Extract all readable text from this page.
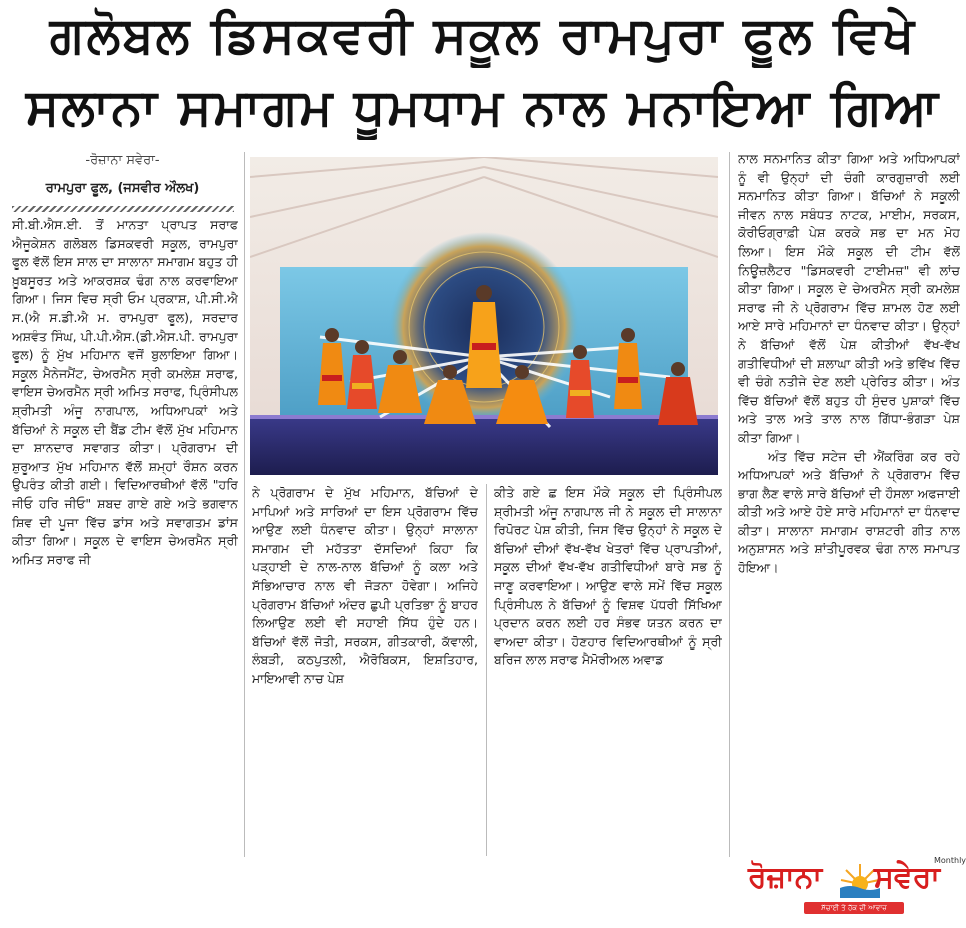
ਗਲੋਬਲ ਡਿਸਕਵਰੀ ਸਕੂਲ ਰਾਮਪੁਰਾ ਫੂਲ ਵਿਖੇ
ਸਲਾਨਾ ਸਮਾਗਮ ਧੂਮਧਾਮ ਨਾਲ ਮਨਾਇਆ ਗਿਆ
-ਰੋਜ਼ਾਨਾ ਸਵੇਰਾ-
ਰਾਮਪੁਰਾ ਫੂਲ, (ਜਸਵੀਰ ਔਲਖ)

ਸੀ.ਬੀ.ਐਸ.ਈ. ਤੋਂ ਮਾਨਤਾ ਪ੍ਰਾਪਤ ਸਰਾਫ ਐਜੂਕੇਸ਼ਨ ਗਲੋਬਲ ਡਿਸਕਵਰੀ ਸਕੂਲ, ਰਾਮਪੁਰਾ ਫੂਲ ਵੱਲੋਂ ਇਸ ਸਾਲ ਦਾ ਸਾਲਾਨਾ ਸਮਾਗਮ ਬਹੁਤ ਹੀ ਖ਼ੂਬਸੂਰਤ ਅਤੇ ਆਕਰਸ਼ਕ ਢੰਗ ਨਾਲ ਕਰਵਾਇਆ ਗਿਆ। ਜਿਸ ਵਿਚ ਸ੍ਰੀ ਓਮ ਪ੍ਰਕਾਸ਼, ਪੀ.ਸੀ.ਐ ਸ.(ਐ ਸ.ਡੀ.ਐ ਮ. ਰਾਮਪੁਰਾ ਫੂਲ), ਸਰਦਾਰ ਅਸ਼ਵੰਤ ਸਿੰਘ, ਪੀ.ਪੀ.ਐਸ.(ਡੀ.ਐਸ.ਪੀ. ਰਾਮਪੁਰਾ ਫੂਲ) ਨੂੰ ਮੁੱਖ ਮਹਿਮਾਨ ਵਜੋਂ ਬੁਲਾਇਆ ਗਿਆ। ਸਕੂਲ ਮੈਨੇਜਮੈਂਟ, ਚੇਅਰਮੈਨ ਸ੍ਰੀ ਕਮਲੇਸ਼ ਸਰਾਫ, ਵਾਇਸ ਚੇਅਰਮੈਨ ਸ੍ਰੀ ਅਮਿਤ ਸਰਾਫ, ਪ੍ਰਿੰਸੀਪਲ ਸ਼੍ਰੀਮਤੀ ਅੰਜੂ ਨਾਗਪਾਲ, ਅਧਿਆਪਕਾਂ ਅਤੇ ਬੱਚਿਆਂ ਨੇ ਸਕੂਲ ਦੀ ਬੈਂਡ ਟੀਮ ਵੱਲੋਂ ਮੁੱਖ ਮਹਿਮਾਨ ਦਾ ਸ਼ਾਨਦਾਰ ਸਵਾਗਤ ਕੀਤਾ। ਪ੍ਰੋਗਰਾਮ ਦੀ ਸ਼ੁਰੂਆਤ ਮੁੱਖ ਮਹਿਮਾਨ ਵੱਲੋਂ ਸ਼ਮ੍ਹਾਂ ਰੌਸ਼ਨ ਕਰਨ ਉਪਰੰਤ ਕੀਤੀ ਗਈ। ਵਿਦਿਆਰਥੀਆਂ ਵੱਲੋਂ "ਹਰਿ ਜੀਓ ਹਰਿ ਜੀਓ" ਸ਼ਬਦ ਗਾਏ ਗਏ ਅਤੇ ਭਗਵਾਨ ਸ਼ਿਵ ਦੀ ਪੂਜਾ ਵਿੱਚ ਡਾਂਸ ਅਤੇ ਸਵਾਗਤਮ ਡਾਂਸ ਕੀਤਾ ਗਿਆ। ਸਕੂਲ ਦੇ ਵਾਇਸ ਚੇਅਰਮੈਨ ਸ੍ਰੀ ਅਮਿਤ ਸਰਾਫ ਜੀ

ਨੇ ਪ੍ਰੋਗਰਾਮ ਦੇ ਮੁੱਖ ਮਹਿਮਾਨ, ਬੱਚਿਆਂ ਦੇ ਮਾਪਿਆਂ ਅਤੇ ਸਾਰਿਆਂ ਦਾ ਇਸ ਪ੍ਰੋਗਰਾਮ ਵਿੱਚ ਆਉਣ ਲਈ ਧੰਨਵਾਦ ਕੀਤਾ। ਉਨ੍ਹਾਂ ਸਾਲਾਨਾ ਸਮਾਗਮ ਦੀ ਮਹੱਤਤਾ ਦੱਸਦਿਆਂ ਕਿਹਾ ਕਿ ਪੜ੍ਹਾਈ ਦੇ ਨਾਲ-ਨਾਲ ਬੱਚਿਆਂ ਨੂੰ ਕਲਾ ਅਤੇ ਸੱਭਿਆਚਾਰ ਨਾਲ ਵੀ ਜੋੜਨਾ ਹੋਵੇਗਾ। ਅਜਿਹੇ ਪ੍ਰੋਗਰਾਮ ਬੱਚਿਆਂ ਅੰਦਰ ਛੁਪੀ ਪ੍ਰਤਿਭਾ ਨੂੰ ਬਾਹਰ ਲਿਆਉਣ ਲਈ ਵੀ ਸਹਾਈ ਸਿੱਧ ਹੁੰਦੇ ਹਨ। ਬੱਚਿਆਂ ਵੱਲੋਂ ਜੋਤੀ, ਸਰਕਸ, ਗੀਤਕਾਰੀ, ਕੱਵਾਲੀ, ਲੰਬੜੀ, ਕਠਪੁਤਲੀ, ਐਰੋਬਿਕਸ, ਇਸ਼ਤਿਹਾਰ, ਮਾਇਆਵੀ ਨਾਚ ਪੇਸ਼

ਕੀਤੇ ਗਏ ਛ ਇਸ ਮੌਕੇ ਸਕੂਲ ਦੀ ਪ੍ਰਿੰਸੀਪਲ ਸ਼੍ਰੀਮਤੀ ਅੰਜੂ ਨਾਗਪਾਲ ਜੀ ਨੇ ਸਕੂਲ ਦੀ ਸਾਲਾਨਾ ਰਿਪੋਰਟ ਪੇਸ਼ ਕੀਤੀ, ਜਿਸ ਵਿੱਚ ਉਨ੍ਹਾਂ ਨੇ ਸਕੂਲ ਦੇ ਬੱਚਿਆਂ ਦੀਆਂ ਵੱਖ-ਵੱਖ ਖੇਤਰਾਂ ਵਿੱਚ ਪ੍ਰਾਪਤੀਆਂ, ਸਕੂਲ ਦੀਆਂ ਵੱਖ-ਵੱਖ ਗਤੀਵਿਧੀਆਂ ਬਾਰੇ ਸਭ ਨੂੰ ਜਾਣੂ ਕਰਵਾਇਆ। ਆਉਣ ਵਾਲੇ ਸਮੇਂ ਵਿੱਚ ਸਕੂਲ ਪ੍ਰਿੰਸੀਪਲ ਨੇ ਬੱਚਿਆਂ ਨੂੰ ਵਿਸ਼ਵ ਪੱਧਰੀ ਸਿੱਖਿਆ ਪ੍ਰਦਾਨ ਕਰਨ ਲਈ ਹਰ ਸੰਭਵ ਯਤਨ ਕਰਨ ਦਾ ਵਾਅਦਾ ਕੀਤਾ। ਹੋਣਹਾਰ ਵਿਦਿਆਰਥੀਆਂ ਨੂੰ ਸ੍ਰੀ ਬਰਿਜ ਲਾਲ ਸਰਾਫ ਮੈਮੋਰੀਅਲ ਅਵਾਡ

ਨਾਲ ਸਨਮਾਨਿਤ ਕੀਤਾ ਗਿਆ ਅਤੇ ਅਧਿਆਪਕਾਂ ਨੂੰ ਵੀ ਉਨ੍ਹਾਂ ਦੀ ਚੰਗੀ ਕਾਰਗੁਜ਼ਾਰੀ ਲਈ ਸਨਮਾਨਿਤ ਕੀਤਾ ਗਿਆ। ਬੱਚਿਆਂ ਨੇ ਸਕੂਲੀ ਜੀਵਨ ਨਾਲ ਸਬੰਧਤ ਨਾਟਕ, ਮਾਈਮ, ਸਰਕਸ, ਕੋਰੀਓਗ੍ਰਾਫ਼ੀ ਪੇਸ਼ ਕਰਕੇ ਸਭ ਦਾ ਮਨ ਮੋਹ ਲਿਆ। ਇਸ ਮੌਕੇ ਸਕੂਲ ਦੀ ਟੀਮ ਵੱਲੋਂ ਨਿਊਜ਼ਲੈਟਰ "ਡਿਸਕਵਰੀ ਟਾਈਮਜ਼" ਵੀ ਲਾਂਚ ਕੀਤਾ ਗਿਆ। ਸਕੂਲ ਦੇ ਚੇਅਰਮੈਨ ਸ੍ਰੀ ਕਮਲੇਸ਼ ਸਰਾਫ ਜੀ ਨੇ ਪ੍ਰੋਗਰਾਮ ਵਿੱਚ ਸ਼ਾਮਲ ਹੋਣ ਲਈ ਆਏ ਸਾਰੇ ਮਹਿਮਾਨਾਂ ਦਾ ਧੰਨਵਾਦ ਕੀਤਾ। ਉਨ੍ਹਾਂ ਨੇ ਬੱਚਿਆਂ ਵੱਲੋਂ ਪੇਸ਼ ਕੀਤੀਆਂ ਵੱਖ-ਵੱਖ ਗਤੀਵਿਧੀਆਂ ਦੀ ਸ਼ਲਾਘਾ ਕੀਤੀ ਅਤੇ ਭਵਿੱਖ ਵਿੱਚ ਵੀ ਚੰਗੇ ਨਤੀਜੇ ਦੇਣ ਲਈ ਪ੍ਰੇਰਿਤ ਕੀਤਾ। ਅੰਤ ਵਿੱਚ ਬੱਚਿਆਂ ਵੱਲੋਂ ਬਹੁਤ ਹੀ ਸੁੰਦਰ ਪੁਸ਼ਾਕਾਂ ਵਿੱਚ ਅਤੇ ਤਾਲ ਅਤੇ ਤਾਲ ਨਾਲ ਗਿੱਧਾ-ਭੰਗੜਾ ਪੇਸ਼ ਕੀਤਾ ਗਿਆ।

ਅੰਤ ਵਿੱਚ ਸਟੇਜ ਦੀ ਐਂਕਰਿੰਗ ਕਰ ਰਹੇ ਅਧਿਆਪਕਾਂ ਅਤੇ ਬੱਚਿਆਂ ਨੇ ਪ੍ਰੋਗਰਾਮ ਵਿੱਚ ਭਾਗ ਲੈਣ ਵਾਲੇ ਸਾਰੇ ਬੱਚਿਆਂ ਦੀ ਹੌਸਲਾ ਅਫਜਾਈ ਕੀਤੀ ਅਤੇ ਆਏ ਹੋਏ ਸਾਰੇ ਮਹਿਮਾਨਾਂ ਦਾ ਧੰਨਵਾਦ ਕੀਤਾ। ਸਾਲਾਨਾ ਸਮਾਗਮ ਰਾਸ਼ਟਰੀ ਗੀਤ ਨਾਲ ਅਨੁਸ਼ਾਸਨ ਅਤੇ ਸ਼ਾਂਤੀਪੂਰਵਕ ਢੰਗ ਨਾਲ ਸਮਾਪਤ ਹੋਇਆ।

ਰੋਜ਼ਾਨਾ ਸਵੇਰਾ
Monthly
ਸੱਚਾਈ ਤੇ ਹੱਕ ਦੀ ਆਵਾਜ਼
